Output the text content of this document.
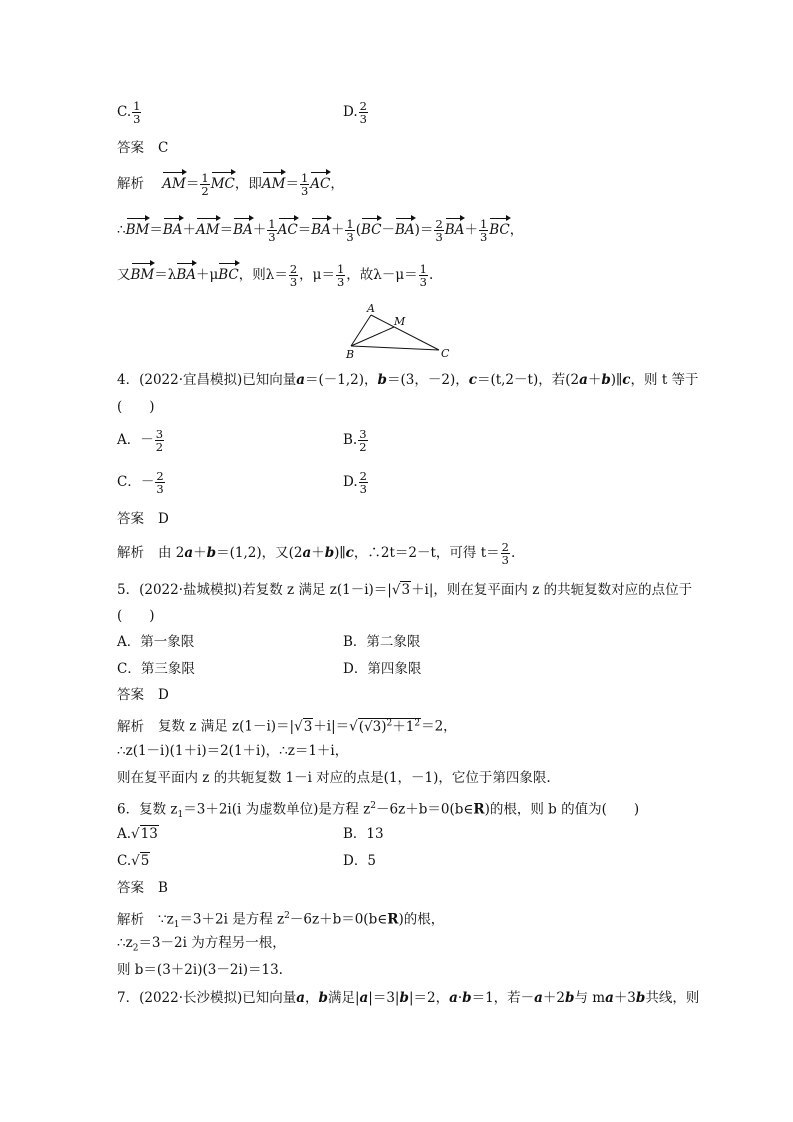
C. $\frac{1}{3}$	D. $\frac{2}{3}$
答案 C
解析 $AM= \frac{1}{2}$ MC，即$AM= \frac{1}{3}$ AC，
∴BM＝BA＋AM＝BA＋ $\frac{1}{3} AC=BA+ \frac{1}{3} (BC-BA)= \frac{2}{3} BA+ \frac{1}{3}$ BC，
又BM＝λBA＋μBC，则$\lambda= \frac{2}{3}$ ，$\mu= \frac{1}{3}$ ，故$\lambda-\mu= \frac{1}{3}$ .
A
M
B	C
4．(2022·宜昌模拟)已知向量a＝(－1,2)，b＝(3，－2)，c＝(t,2－t)，若(2a＋b)∥c，则 t 等于
(　　)
A．－ $\frac{3}{2}$	B. $\frac{3}{2}$
C．－ $\frac{2}{3}$	D. $\frac{2}{3}$
答案 D
解析 由 2a＋b＝(1,2)，又(2a＋b)∥c，∴2t＝2－t，可得 $t= \frac{2}{3}$ .
5．(2022·盐城模拟)若复数 z 满足 z(1－i)＝|√3＋i|，则在复平面内 z 的共轭复数对应的点位于
(　　)
A．第一象限	B．第二象限
C．第三象限	D．第四象限
答案 D
解析 复数 z 满足 $z(1-i)=|√3+i|=√(√3)^2+1^2=2$，
∴z(1－i)(1＋i)＝2(1＋i)，∴z＝1＋i，
则在复平面内 z 的共轭复数 1－i 对应的点是(1，－1)，它位于第四象限.
6．复数 $z_1=3+2i(i$ 为虚数单位)是方程 $z^2-6z+b=0(b\in R)$的根，则 b 的值为(　　)
A.√13	B．13
C.√5	D．5
答案 B
解析 $\because z_1=3+2i$ 是方程 $z^2-6z+b=0(b\in R)$的根，
$\therefore z_2=3-2i$ 为方程另一根，
则 b＝(3＋2i)(3－2i)＝13.
7．(2022·长沙模拟)已知向量a，b满足|a|＝3|b|＝2，a·b＝1，若－a＋2b与 ma＋3b共线，则
